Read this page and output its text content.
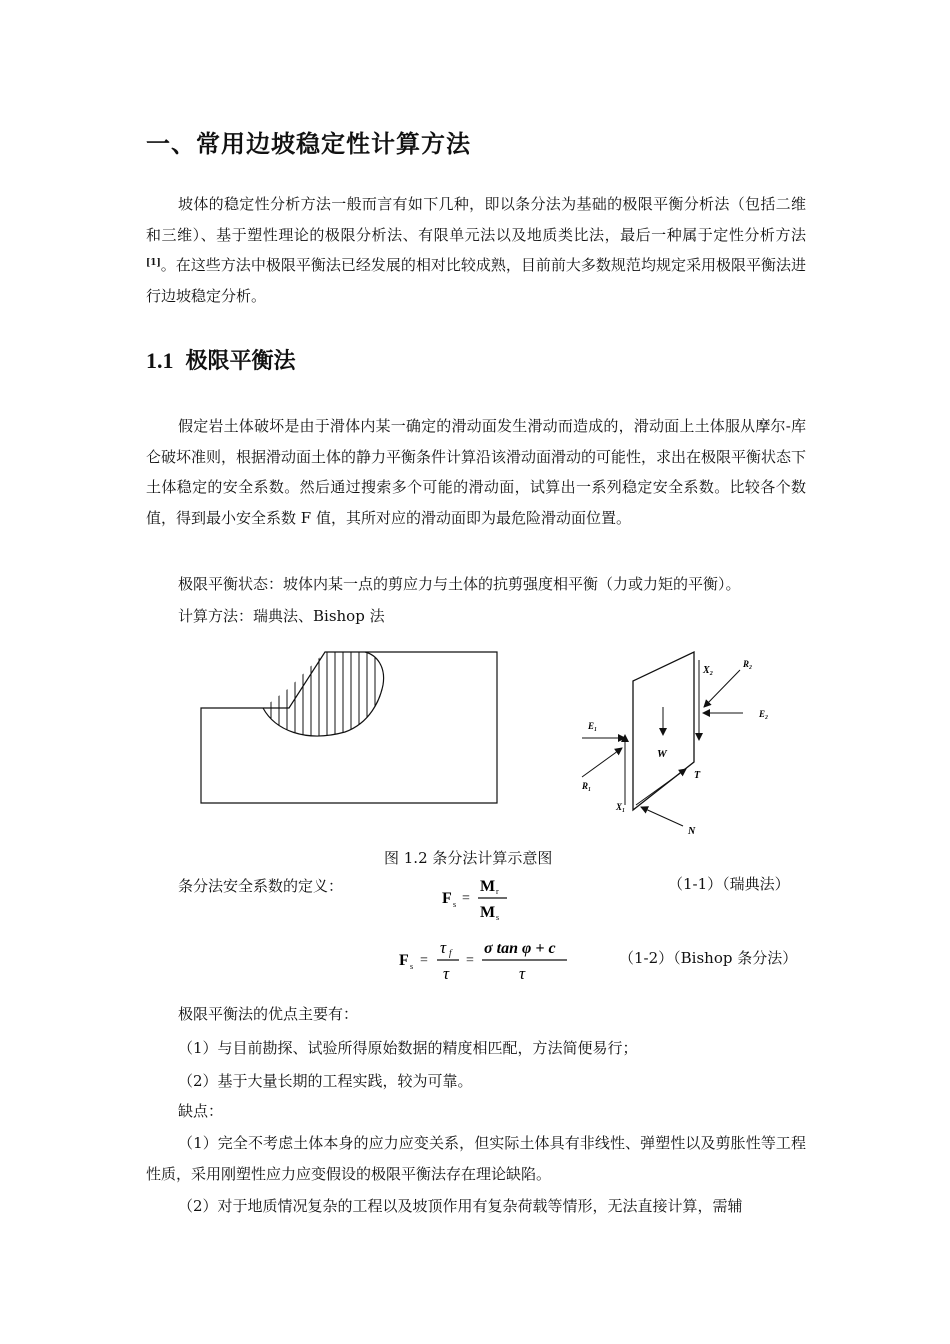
一、常用边坡稳定性计算方法
坡体的稳定性分析方法一般而言有如下几种，即以条分法为基础的极限平衡分析法（包括二维和三维）、基于塑性理论的极限分析法、有限单元法以及地质类比法，最后一种属于定性分析方法[1]。在这些方法中极限平衡法已经发展的相对比较成熟，目前前大多数规范均规定采用极限平衡法进行边坡稳定分析。
1.1 极限平衡法
假定岩土体破坏是由于滑体内某一确定的滑动面发生滑动而造成的，滑动面上土体服从摩尔-库仑破坏准则，根据滑动面土体的静力平衡条件计算沿该滑动面滑动的可能性，求出在极限平衡状态下土体稳定的安全系数。然后通过搜索多个可能的滑动面，试算出一系列稳定安全系数。比较各个数值，得到最小安全系数 F 值，其所对应的滑动面即为最危险滑动面位置。
极限平衡状态：坡体内某一点的剪应力与土体的抗剪强度相平衡（力或力矩的平衡）。
计算方法：瑞典法、Bishop 法
W
X₂
R₂
E₂
E₁
X₁
R₁
T
N
图 1.2 条分法计算示意图
条分法安全系数的定义：
F s =
M r
M s
（1-1）（瑞典法）
F s =
τ f
τ
=
σ tan φ + c
τ
（1-2）（Bishop 条分法）
极限平衡法的优点主要有：
（1）与目前勘探、试验所得原始数据的精度相匹配，方法简便易行；
（2）基于大量长期的工程实践，较为可靠。
缺点：
（1）完全不考虑土体本身的应力应变关系，但实际土体具有非线性、弹塑性以及剪胀性等工程性质，采用刚塑性应力应变假设的极限平衡法存在理论缺陷。
（2）对于地质情况复杂的工程以及坡顶作用有复杂荷载等情形，无法直接计算，需辅
